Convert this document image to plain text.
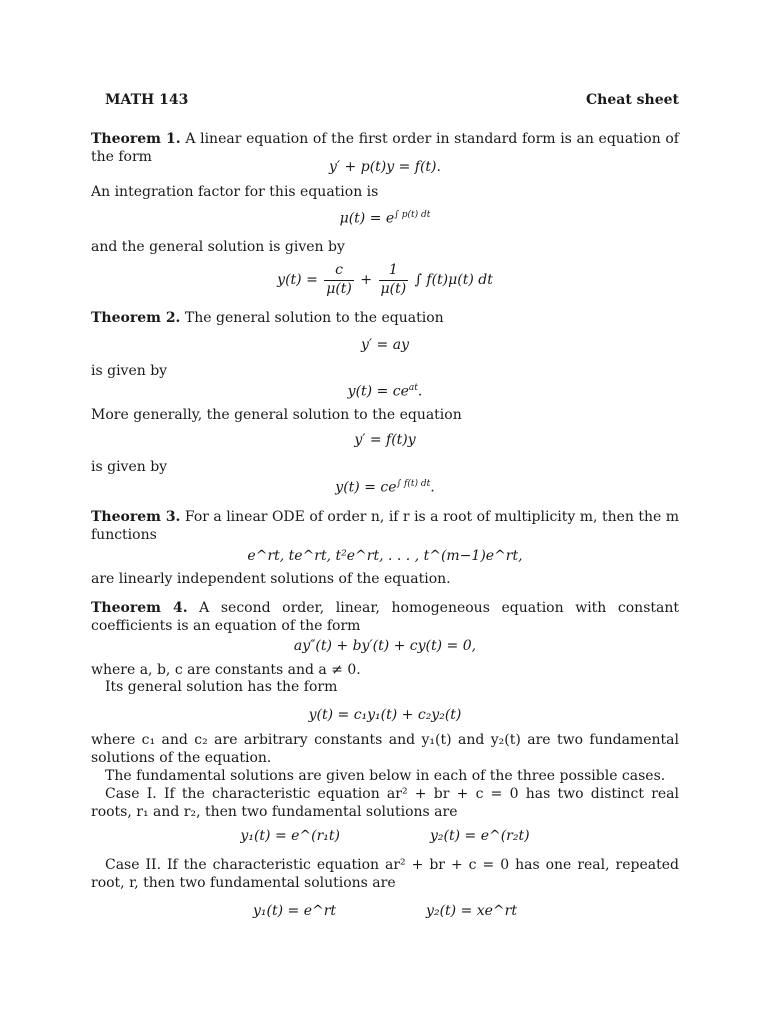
MATH 143	Cheat sheet
Theorem 1. A linear equation of the first order in standard form is an equation of the form
y′ + p(t)y = f(t).
An integration factor for this equation is
$\mu(t) = e^{\int p(t) dt}$
and the general solution is given by
$y(t) = \frac{c}{\mu(t)} + \frac{1}{\mu(t)}$ ∫ f(t)μ(t) dt
Theorem 2. The general solution to the equation
y′ = ay
is given by
$y(t) = ce^{at}$.
More generally, the general solution to the equation
y′ = f(t)y
is given by
$y(t) = ce^{\int f(t) dt}$.
Theorem 3. For a linear ODE of order n, if r is a root of multiplicity m, then the m functions
e^rt, te^rt, t²e^rt, . . . , t^(m−1)e^rt,
are linearly independent solutions of the equation.
Theorem 4. A second order, linear, homogeneous equation with constant coefficients is an equation of the form
ay″(t) + by′(t) + cy(t) = 0,
where a, b, c are constants and a ≠ 0.
Its general solution has the form
y(t) = c₁y₁(t) + c₂y₂(t)
where c₁ and c₂ are arbitrary constants and y₁(t) and y₂(t) are two fundamental solutions of the equation.
The fundamental solutions are given below in each of the three possible cases.
Case I. If the characteristic equation ar² + br + c = 0 has two distinct real roots, r₁ and r₂, then two fundamental solutions are
y₁(t) = e^(r₁t)	y₂(t) = e^(r₂t)
Case II. If the characteristic equation ar² + br + c = 0 has one real, repeated root, r, then two fundamental solutions are
y₁(t) = e^rt	y₂(t) = xe^rt
